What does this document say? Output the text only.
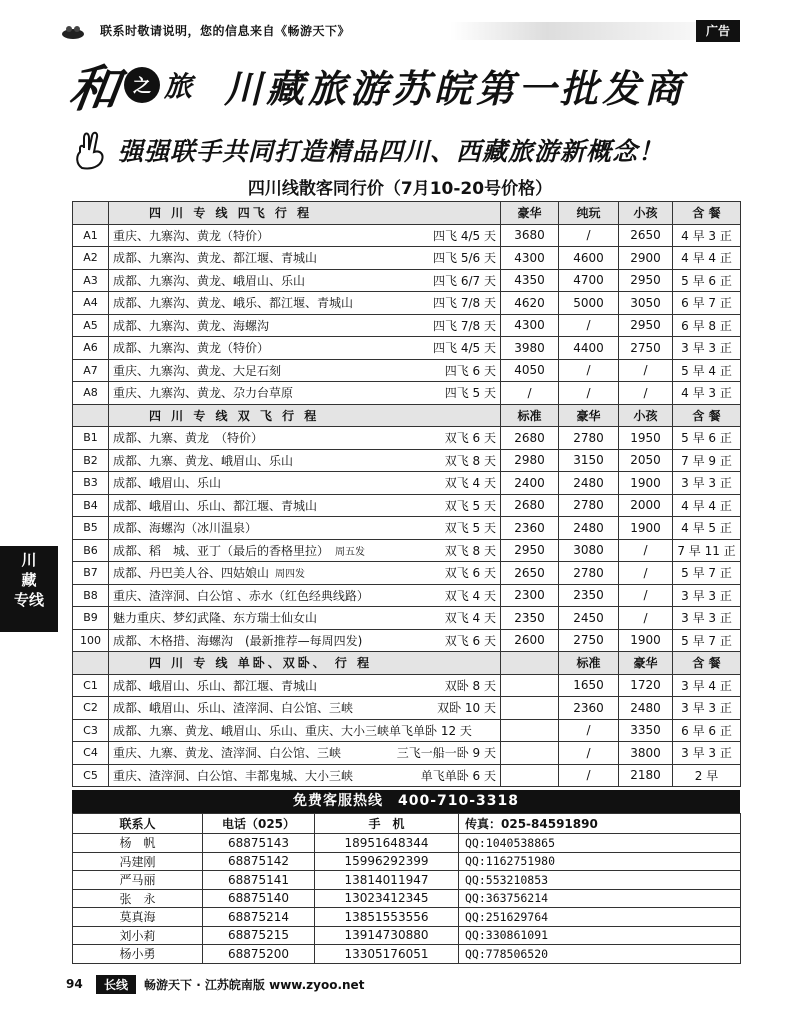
联系时敬请说明，您的信息来自《畅游天下》	广告
和 之 旅 川藏旅游苏皖第一批发商
强强联手共同打造精品四川、西藏旅游新概念！
四川线散客同行价（7月10-20号价格）
	四 川 专 线 四飞 行 程	豪华	纯玩	小孩	含 餐
A1	重庆、九寨沟、黄龙（特价） 四飞 4/5 天	3680	/	2650	4 早 3 正
A2	成都、九寨沟、黄龙、都江堰、青城山 四飞 5/6 天	4300	4600	2900	4 早 4 正
A3	成都、九寨沟、黄龙、峨眉山、乐山 四飞 6/7 天	4350	4700	2950	5 早 6 正
A4	成都、九寨沟、黄龙、峨乐、都江堰、青城山 四飞 7/8 天	4620	5000	3050	6 早 7 正
A5	成都、九寨沟、黄龙、海螺沟 四飞 7/8 天	4300	/	2950	6 早 8 正
A6	成都、九寨沟、黄龙（特价） 四飞 4/5 天	3980	4400	2750	3 早 3 正
A7	重庆、九寨沟、黄龙、大足石刻 四飞 6 天	4050	/	/	5 早 4 正
A8	重庆、九寨沟、黄龙、尕力台草原 四飞 5 天	/	/	/	4 早 3 正
	四 川 专 线 双 飞 行 程	标准	豪华	小孩	含 餐
B1	成都、九寨、黄龙　（特价） 双飞 6 天	2680	2780	1950	5 早 6 正
B2	成都、九寨、黄龙、峨眉山、乐山 双飞 8 天	2980	3150	2050	7 早 9 正
B3	成都、峨眉山、乐山 双飞 4 天	2400	2480	1900	3 早 3 正
B4	成都、峨眉山、乐山、都江堰、青城山 双飞 5 天	2680	2780	2000	4 早 4 正
B5	成都、海螺沟（冰川温泉） 双飞 5 天	2360	2480	1900	4 早 5 正
B6	成都、稻　城、亚丁（最后的香格里拉） 周五发 双飞 8 天	2950	3080	/	7 早 11 正
B7	成都、丹巴美人谷、四姑娘山 周四发 双飞 6 天	2650	2780	/	5 早 7 正
B8	重庆、渣滓洞、白公馆 、赤水（红色经典线路） 双飞 4 天	2300	2350	/	3 早 3 正
B9	魅力重庆、梦幻武隆、东方瑞士仙女山 双飞 4 天	2350	2450	/	3 早 3 正
100	成都、木格措、海螺沟　(最新推荐—每周四发) 双飞 6 天	2600	2750	1900	5 早 7 正
	四 川 专 线 单卧、双卧、 行 程		标准	豪华	含 餐
C1	成都、峨眉山、乐山、都江堰、青城山 双卧 8 天		1650	1720	3 早 4 正
C2	成都、峨眉山、乐山、渣滓洞、白公馆、三峡 双卧 10 天		2360	2480	3 早 3 正
C3	成都、九寨、黄龙、峨眉山、乐山、重庆、大小三峡单飞单卧 12 天		/	3350	6 早 6 正
C4	重庆、九寨、黄龙、渣滓洞、白公馆、三峡 三飞一船一卧 9 天		/	3800	3 早 3 正
C5	重庆、渣滓洞、白公馆、丰都鬼城、大小三峡 单飞单卧 6 天		/	2180	2 早
免费客服热线　400-710-3318
联系人	电话（025）	手　机	传真：025-84591890
杨　帆	68875143	18951648344	QQ:1040538865
冯建刚	68875142	15996292399	QQ:1162751980
严马丽	68875141	13814011947	QQ:553210853
张　永	68875140	13023412345	QQ:363756214
莫真海	68875214	13851553556	QQ:251629764
刘小莉	68875215	13914730880	QQ:330861091
杨小勇	68875200	13305176051	QQ:778506520
川
藏
专线
94	长线	畅游天下 · 江苏皖南版 www.zyoo.net
